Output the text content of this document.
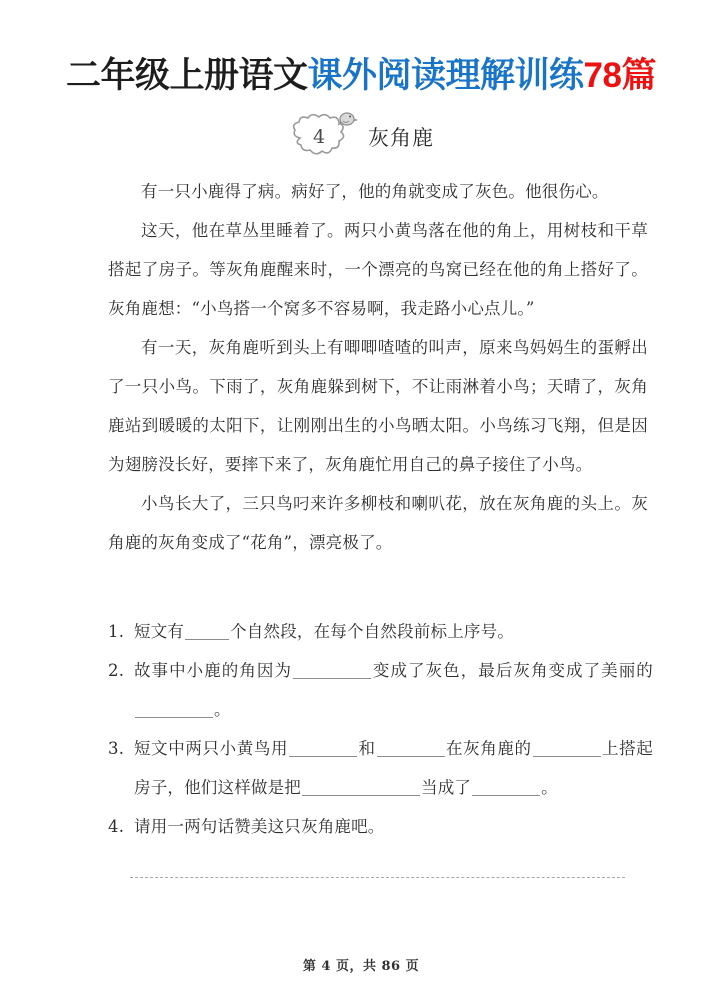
二年级上册语文课外阅读理解训练78篇
4	灰角鹿

有一只小鹿得了病。病好了，他的角就变成了灰色。他很伤心。

这天，他在草丛里睡着了。两只小黄鸟落在他的角上，用树枝和干草搭起了房子。等灰角鹿醒来时，一个漂亮的鸟窝已经在他的角上搭好了。灰角鹿想：“小鸟搭一个窝多不容易啊，我走路小心点儿。”

有一天，灰角鹿听到头上有唧唧喳喳的叫声，原来鸟妈妈生的蛋孵出了一只小鸟。下雨了，灰角鹿躲到树下，不让雨淋着小鸟；天晴了，灰角鹿站到暖暖的太阳下，让刚刚出生的小鸟晒太阳。小鸟练习飞翔，但是因为翅膀没长好，要摔下来了，灰角鹿忙用自己的鼻子接住了小鸟。

小鸟长大了，三只鸟叼来许多柳枝和喇叭花，放在灰角鹿的头上。灰角鹿的灰角变成了“花角”，漂亮极了。

1. 短文有	个自然段，在每个自然段前标上序号。
2. 故事中小鹿的角因为	变成了灰色，最后灰角变成了美丽的。
3. 短文中两只小黄鸟用	和	在灰角鹿的	上搭起房子，他们这样做是把	当成了	。
4. 请用一两句话赞美这只灰角鹿吧。
第 4 页，共 86 页
